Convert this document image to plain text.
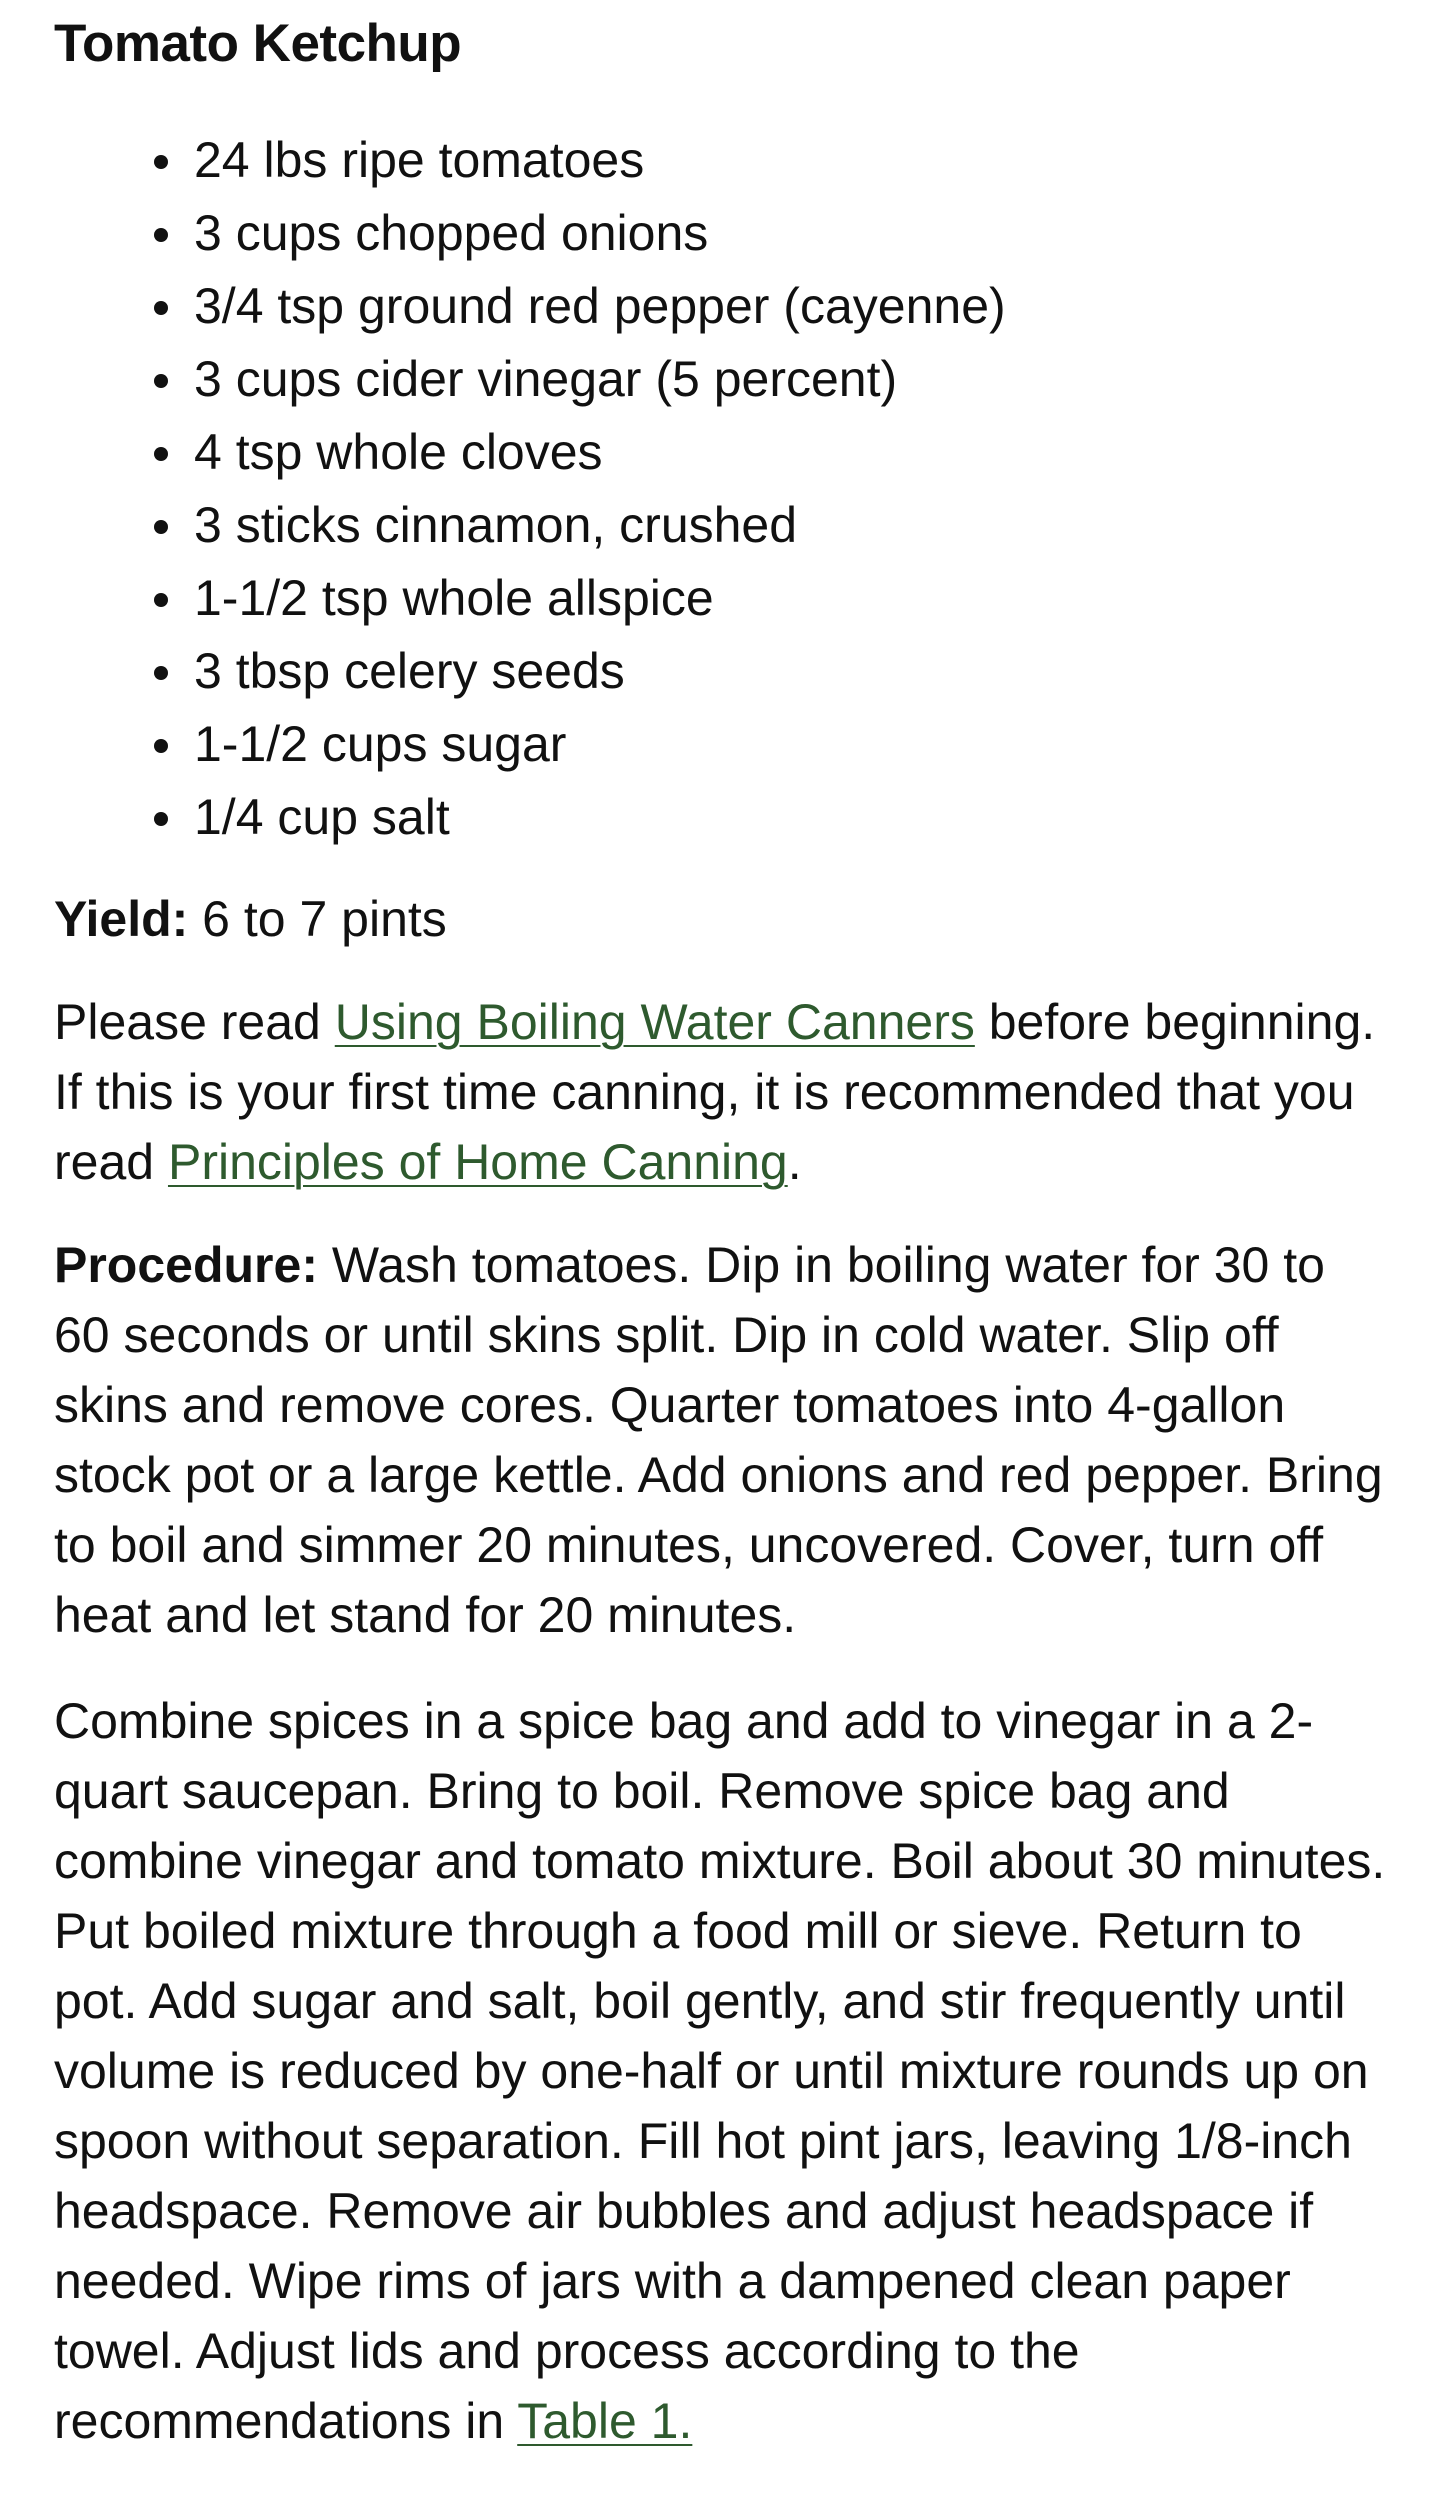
Tomato Ketchup
24 lbs ripe tomatoes
3 cups chopped onions
3/4 tsp ground red pepper (cayenne)
3 cups cider vinegar (5 percent)
4 tsp whole cloves
3 sticks cinnamon, crushed
1-1/2 tsp whole allspice
3 tbsp celery seeds
1-1/2 cups sugar
1/4 cup salt

Yield: 6 to 7 pints

Please read Using Boiling Water Canners before beginning. If this is your first time canning, it is recommended that you read Principles of Home Canning.

Procedure: Wash tomatoes. Dip in boiling water for 30 to 60 seconds or until skins split. Dip in cold water. Slip off skins and remove cores. Quarter tomatoes into 4-gallon stock pot or a large kettle. Add onions and red pepper. Bring to boil and simmer 20 minutes, uncovered. Cover, turn off heat and let stand for 20 minutes.

Combine spices in a spice bag and add to vinegar in a 2-quart saucepan. Bring to boil. Remove spice bag and combine vinegar and tomato mixture. Boil about 30 minutes. Put boiled mixture through a food mill or sieve. Return to pot. Add sugar and salt, boil gently, and stir frequently until volume is reduced by one-half or until mixture rounds up on spoon without separation. Fill hot pint jars, leaving 1/8-inch headspace. Remove air bubbles and adjust headspace if needed. Wipe rims of jars with a dampened clean paper towel. Adjust lids and process according to the recommendations in Table 1.
